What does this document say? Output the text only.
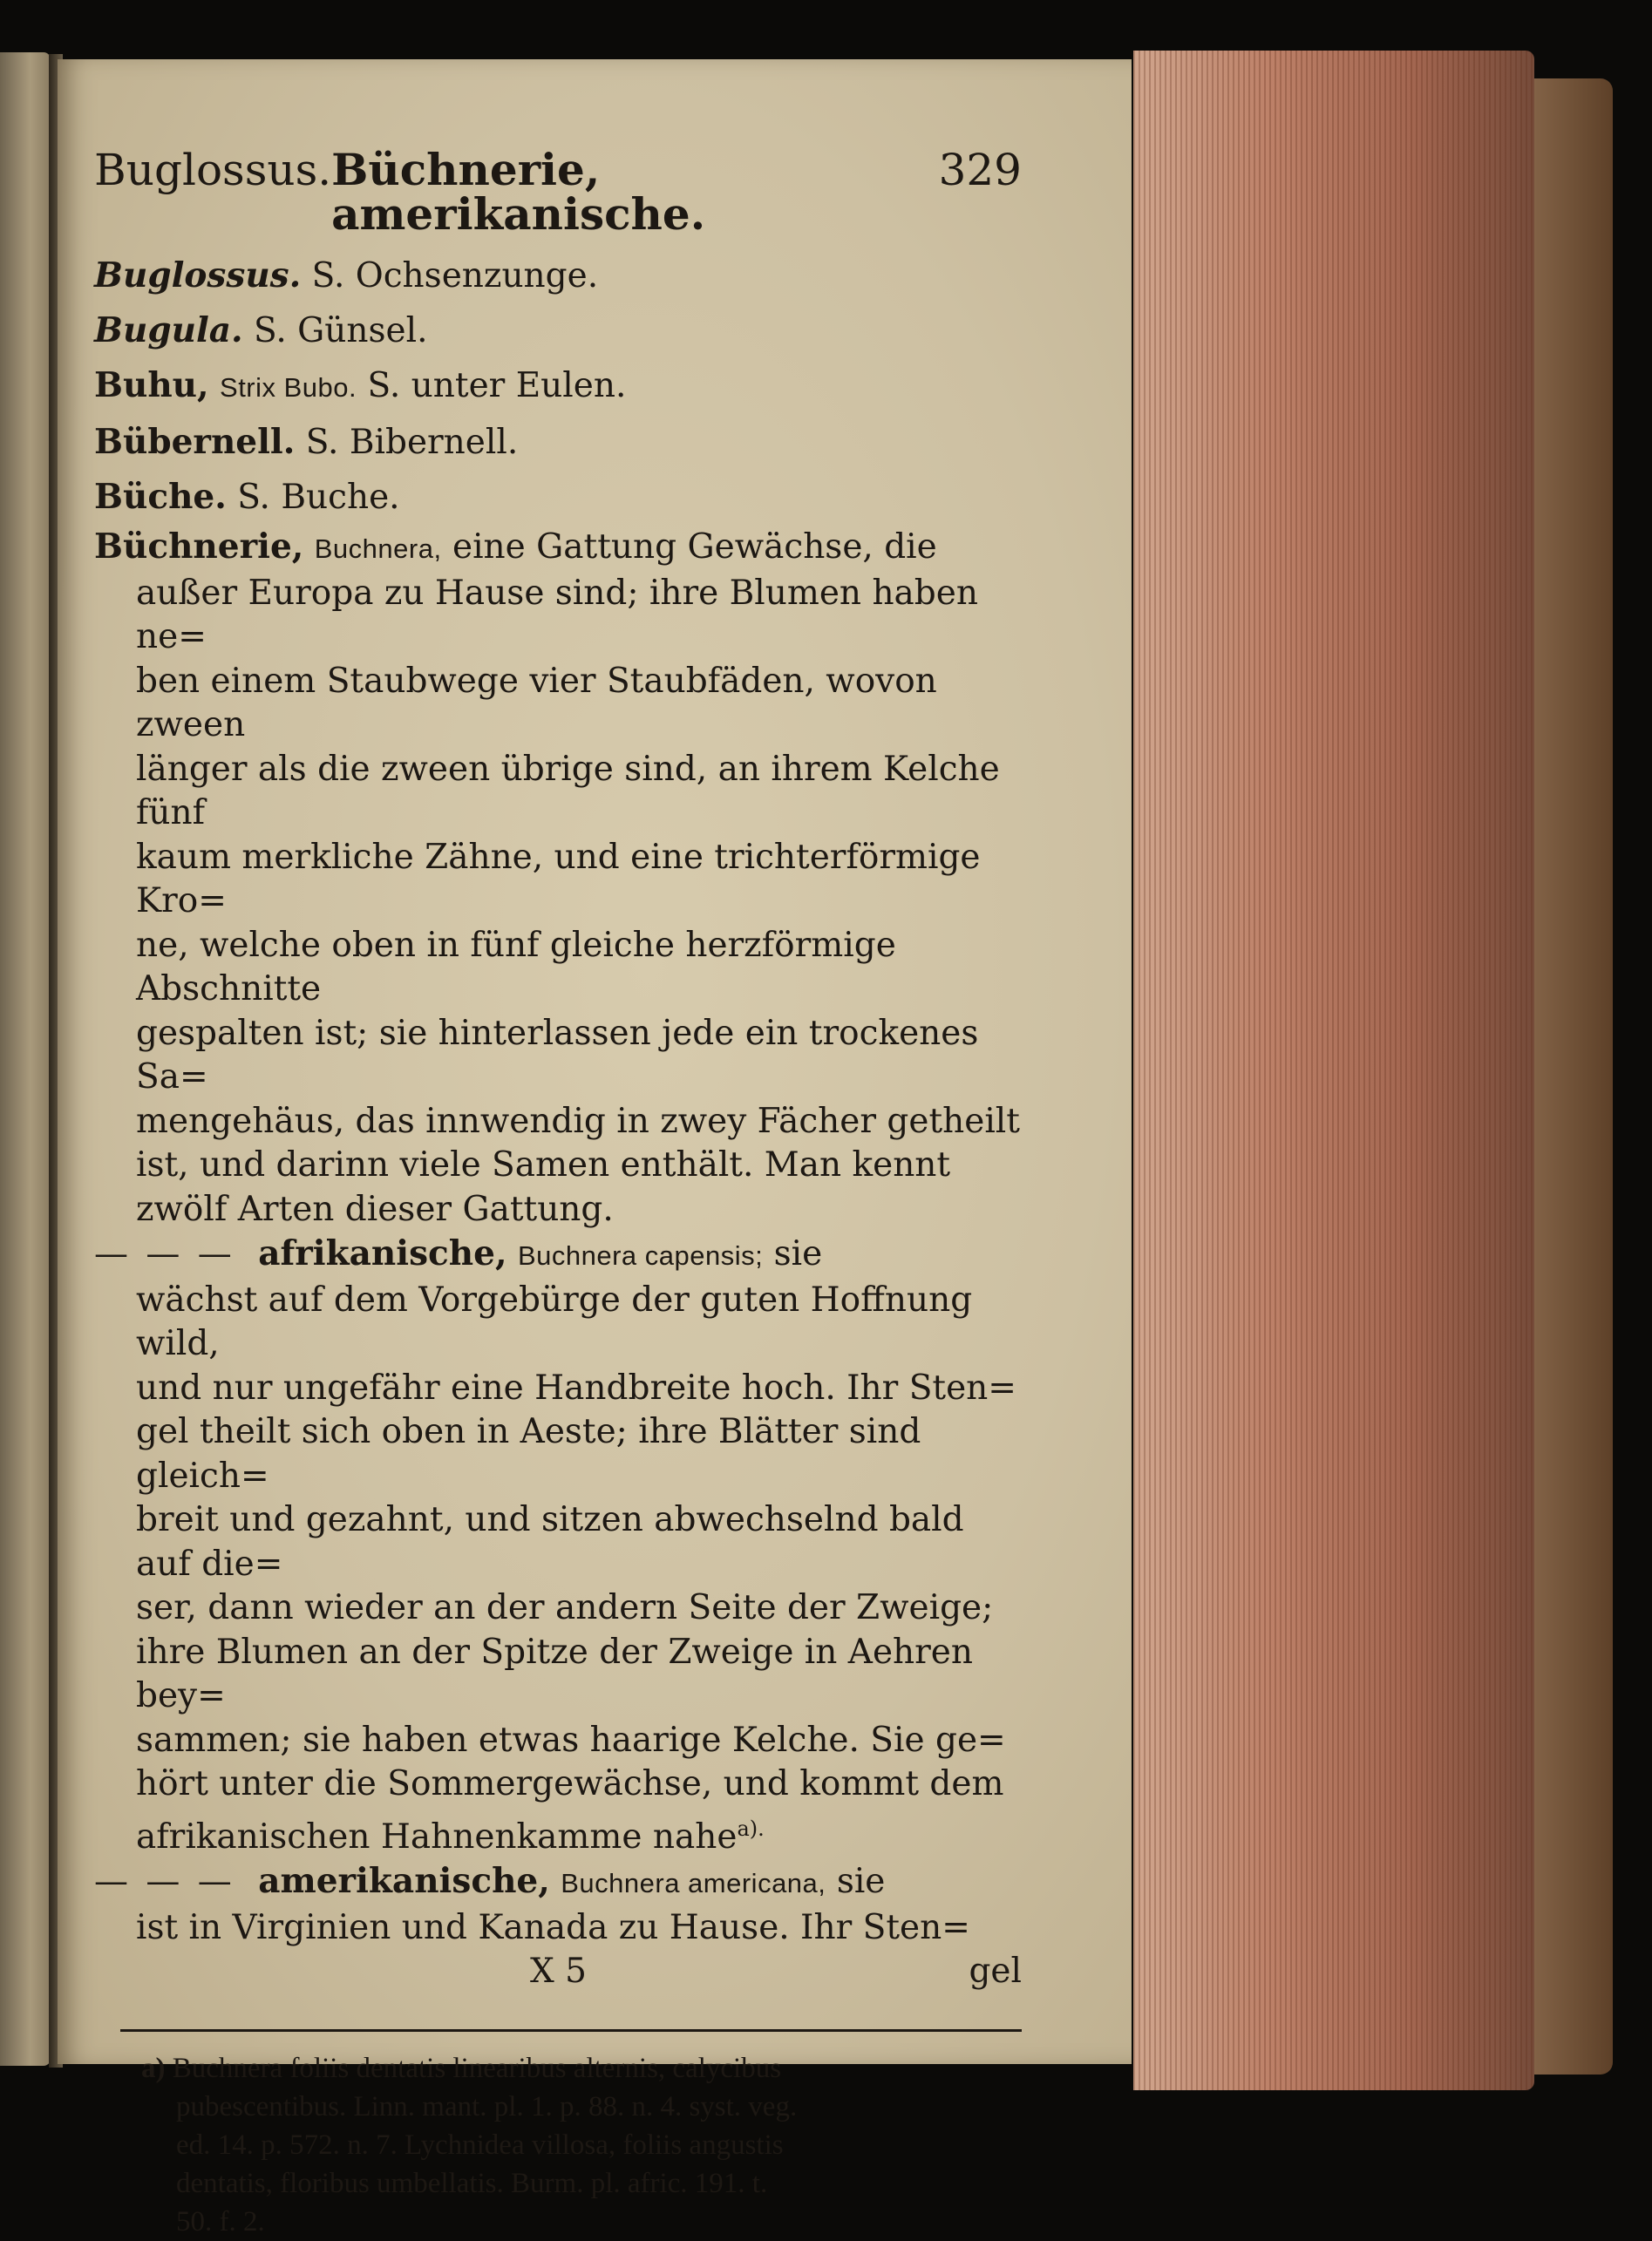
Buglossus. Büchnerie, amerikanische.
329

Buglossus. S. Ochsenzunge.

Bugula. S. Günsel.

Buhu, Strix Bubo. S. unter Eulen.

Bübernell. S. Bibernell.

Büche. S. Buche.

Büchnerie, Buchnera, eine Gattung Gewächse, die
außer Europa zu Hause sind; ihre Blumen haben ne=
ben einem Staubwege vier Staubfäden, wovon zween
länger als die zween übrige sind, an ihrem Kelche fünf
kaum merkliche Zähne, und eine trichterförmige Kro=
ne, welche oben in fünf gleiche herzförmige Abschnitte
gespalten ist; sie hinterlassen jede ein trockenes Sa=
mengehäus, das innwendig in zwey Fächer getheilt
ist, und darinn viele Samen enthält. Man kennt
zwölf Arten dieser Gattung.

— — — afrikanische, Buchnera capensis; sie
wächst auf dem Vorgebürge der guten Hoffnung wild,
und nur ungefähr eine Handbreite hoch. Ihr Sten=
gel theilt sich oben in Aeste; ihre Blätter sind gleich=
breit und gezahnt, und sitzen abwechselnd bald auf die=
ser, dann wieder an der andern Seite der Zweige;
ihre Blumen an der Spitze der Zweige in Aehren bey=
sammen; sie haben etwas haarige Kelche. Sie ge=
hört unter die Sommergewächse, und kommt dem
afrikanischen Hahnenkamme nahe$^{a).}$

— — — amerikanische, Buchnera americana, sie
ist in Virginien und Kanada zu Hause. Ihr Sten=

X 5	gel

a) Buchnera foliis dentatis linearibus alternis, calycibus
pubescentibus. Linn. mant. pl. 1. p. 88. n. 4. syst. veg.
ed. 14. p. 572. n. 7. Lychnidea villosa, foliis angustis
dentatis, floribus umbellatis. Burm. pl. afric. 191. t.
50. f. 2.
